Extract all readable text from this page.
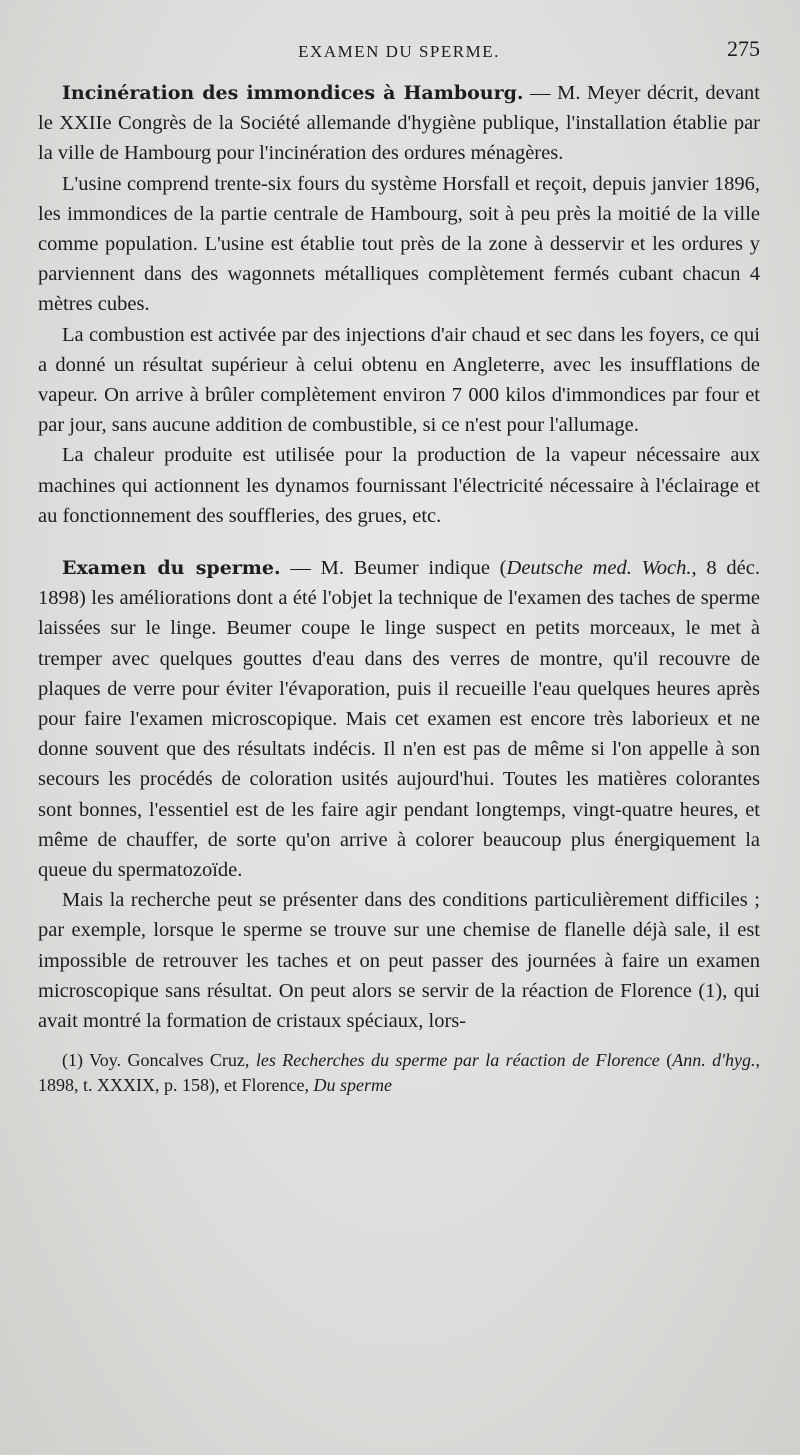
EXAMEN DU SPERME.	275

Incinération des immondices à Hambourg. — M. Meyer décrit, devant le XXIIe Congrès de la Société allemande d'hygiène publique, l'installation établie par la ville de Hambourg pour l'incinération des ordures ménagères.

L'usine comprend trente-six fours du système Horsfall et reçoit, depuis janvier 1896, les immondices de la partie centrale de Hambourg, soit à peu près la moitié de la ville comme population. L'usine est établie tout près de la zone à desservir et les ordures y parviennent dans des wagonnets métalliques complètement fermés cubant chacun 4 mètres cubes.

La combustion est activée par des injections d'air chaud et sec dans les foyers, ce qui a donné un résultat supérieur à celui obtenu en Angleterre, avec les insufflations de vapeur. On arrive à brûler complètement environ 7 000 kilos d'immondices par four et par jour, sans aucune addition de combustible, si ce n'est pour l'allumage.

La chaleur produite est utilisée pour la production de la vapeur nécessaire aux machines qui actionnent les dynamos fournissant l'électricité nécessaire à l'éclairage et au fonctionnement des souffleries, des grues, etc.

Examen du sperme. — M. Beumer indique (Deutsche med. Woch., 8 déc. 1898) les améliorations dont a été l'objet la technique de l'examen des taches de sperme laissées sur le linge. Beumer coupe le linge suspect en petits morceaux, le met à tremper avec quelques gouttes d'eau dans des verres de montre, qu'il recouvre de plaques de verre pour éviter l'évaporation, puis il recueille l'eau quelques heures après pour faire l'examen microscopique. Mais cet examen est encore très laborieux et ne donne souvent que des résultats indécis. Il n'en est pas de même si l'on appelle à son secours les procédés de coloration usités aujourd'hui. Toutes les matières colorantes sont bonnes, l'essentiel est de les faire agir pendant longtemps, vingt-quatre heures, et même de chauffer, de sorte qu'on arrive à colorer beaucoup plus énergiquement la queue du spermatozoïde.

Mais la recherche peut se présenter dans des conditions particulièrement difficiles ; par exemple, lorsque le sperme se trouve sur une chemise de flanelle déjà sale, il est impossible de retrouver les taches et on peut passer des journées à faire un examen microscopique sans résultat. On peut alors se servir de la réaction de Florence (1), qui avait montré la formation de cristaux spéciaux, lors-

(1) Voy. Goncalves Cruz, les Recherches du sperme par la réaction de Florence (Ann. d'hyg., 1898, t. XXXIX, p. 158), et Florence, Du sperme
